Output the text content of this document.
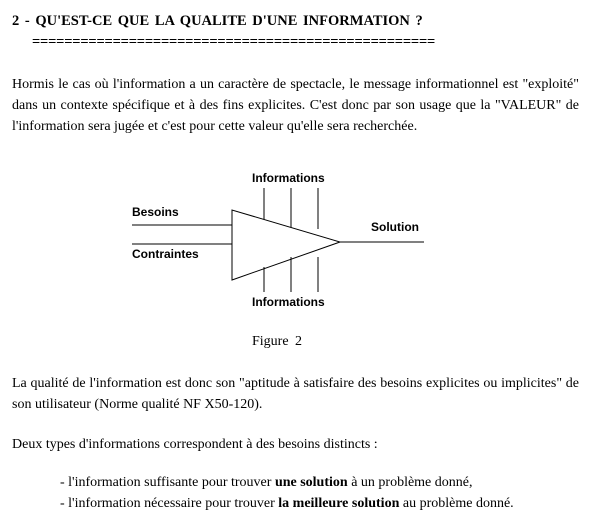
2 - QU'EST-CE QUE LA QUALITE D'UNE INFORMATION ?
==================================================

Hormis le cas où l'information a un caractère de spectacle, le message informationnel est "exploité" dans un contexte spécifique et à des fins explicites. C'est donc par son usage que la "VALEUR" de l'information sera jugée et c'est pour cette valeur qu'elle sera recherchée.

Informations
Besoins
Contraintes
Solution
Informations
Figure 2

La qualité de l'information est donc son "aptitude à satisfaire des besoins explicites ou implicites" de son utilisateur (Norme qualité NF X50-120).

Deux types d'informations correspondent à des besoins distincts :

- l'information suffisante pour trouver une solution à un problème donné,
- l'information nécessaire pour trouver la meilleure solution au problème donné.
